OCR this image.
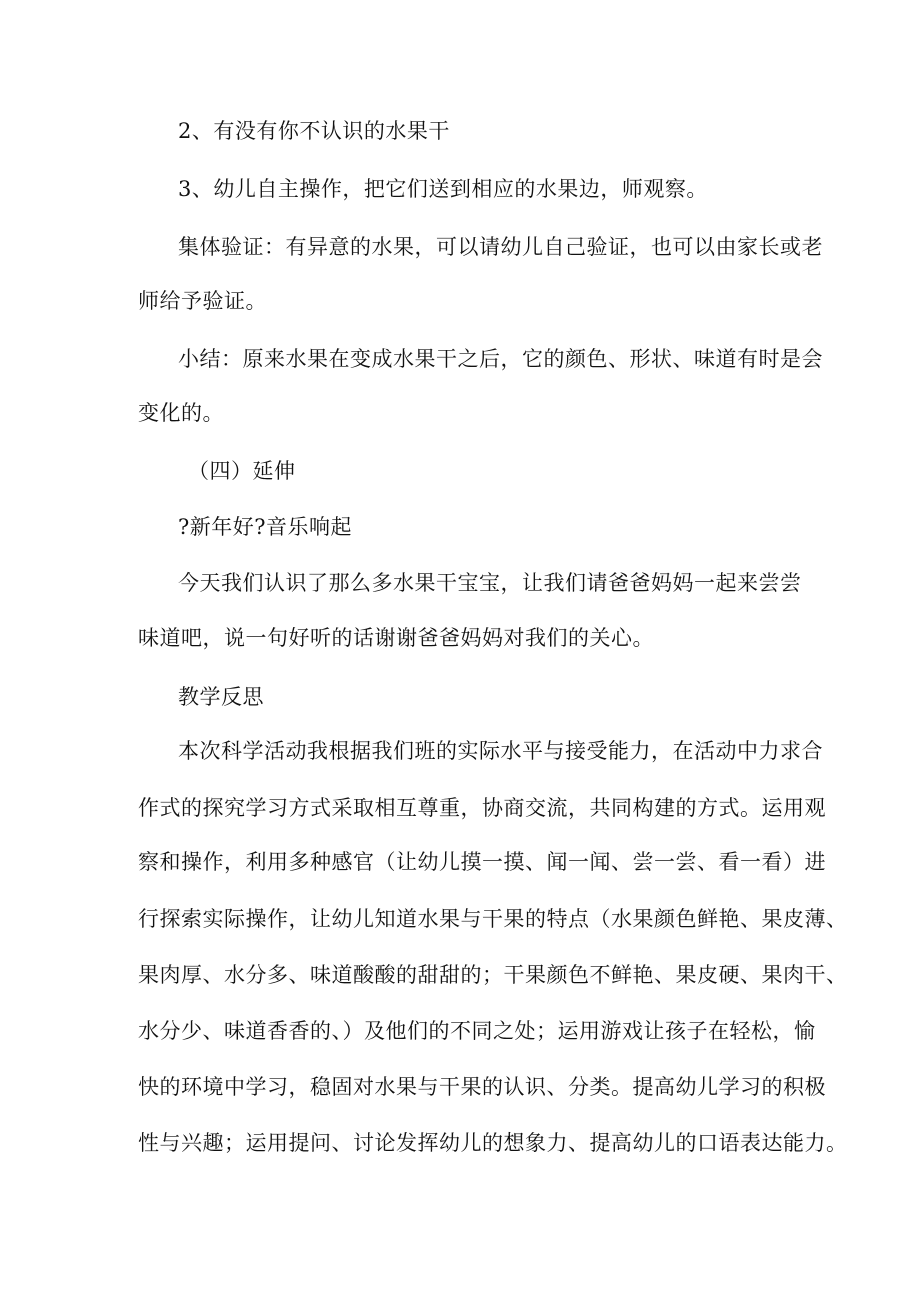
2、有没有你不认识的水果干
3、幼儿自主操作，把它们送到相应的水果边，师观察。
集体验证：有异意的水果，可以请幼儿自己验证，也可以由家长或老
师给予验证。
小结：原来水果在变成水果干之后，它的颜色、形状、味道有时是会
变化的。
（四）延伸
?新年好?音乐响起
今天我们认识了那么多水果干宝宝，让我们请爸爸妈妈一起来尝尝
味道吧，说一句好听的话谢谢爸爸妈妈对我们的关心。
教学反思
本次科学活动我根据我们班的实际水平与接受能力，在活动中力求合
作式的探究学习方式采取相互尊重，协商交流，共同构建的方式。运用观
察和操作，利用多种感官（让幼儿摸一摸、闻一闻、尝一尝、看一看）进
行探索实际操作，让幼儿知道水果与干果的特点（水果颜色鲜艳、果皮薄、
果肉厚、水分多、味道酸酸的甜甜的；干果颜色不鲜艳、果皮硬、果肉干、
水分少、味道香香的、）及他们的不同之处；运用游戏让孩子在轻松，愉
快的环境中学习，稳固对水果与干果的认识、分类。提高幼儿学习的积极
性与兴趣；运用提问、讨论发挥幼儿的想象力、提高幼儿的口语表达能力。
